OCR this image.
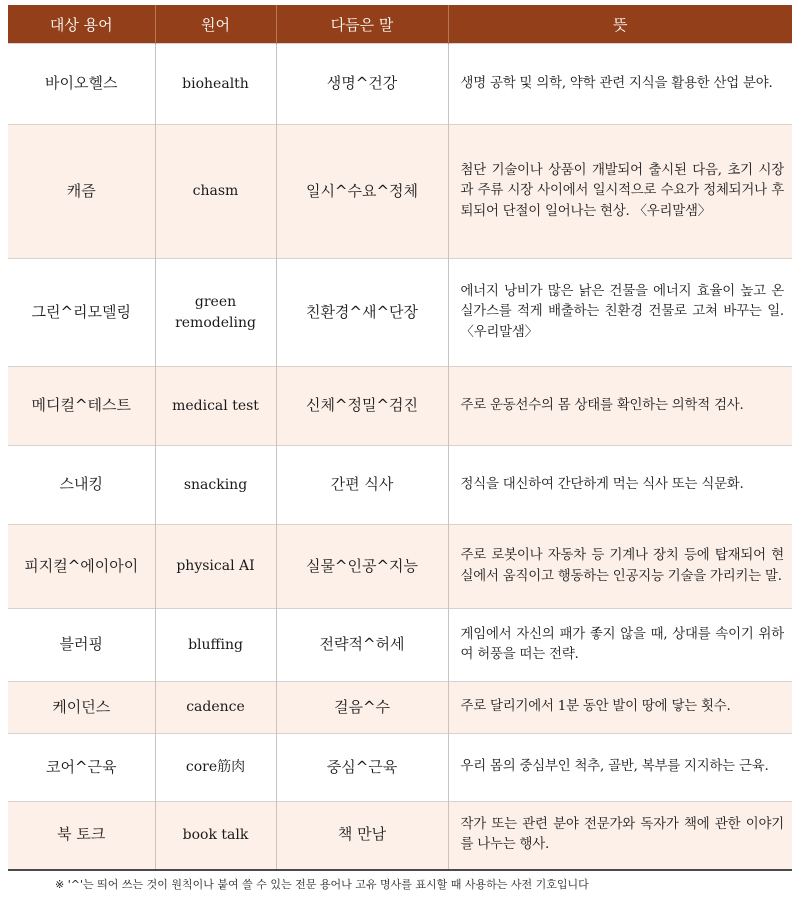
대상 용어	원어	다듬은 말	뜻
바이오헬스	biohealth	생명^건강	생명 공학 및 의학, 약학 관련 지식을 활용한 산업 분야.
캐즘	chasm	일시^수요^정체	첨단 기술이나 상품이 개발되어 출시된 다음, 초기 시장과 주류 시장 사이에서 일시적으로 수요가 정체되거나 후퇴되어 단절이 일어나는 현상. 〈우리말샘〉
그린^리모델링	green remodeling	친환경^새^단장	에너지 낭비가 많은 낡은 건물을 에너지 효율이 높고 온실가스를 적게 배출하는 친환경 건물로 고쳐 바꾸는 일. 〈우리말샘〉
메디컬^테스트	medical test	신체^정밀^검진	주로 운동선수의 몸 상태를 확인하는 의학적 검사.
스내킹	snacking	간편 식사	정식을 대신하여 간단하게 먹는 식사 또는 식문화.
피지컬^에이아이	physical AI	실물^인공^지능	주로 로봇이나 자동차 등 기계나 장치 등에 탑재되어 현실에서 움직이고 행동하는 인공지능 기술을 가리키는 말.
블러핑	bluffing	전략적^허세	게임에서 자신의 패가 좋지 않을 때, 상대를 속이기 위하여 허풍을 떠는 전략.
케이던스	cadence	걸음^수	주로 달리기에서 1분 동안 발이 땅에 닿는 횟수.
코어^근육	core筋肉	중심^근육	우리 몸의 중심부인 척추, 골반, 복부를 지지하는 근육.
북 토크	book talk	책 만남	작가 또는 관련 분야 전문가와 독자가 책에 관한 이야기를 나누는 행사.
※ '^'는 띄어 쓰는 것이 원칙이나 붙여 쓸 수 있는 전문 용어나 고유 명사를 표시할 때 사용하는 사전 기호입니다
